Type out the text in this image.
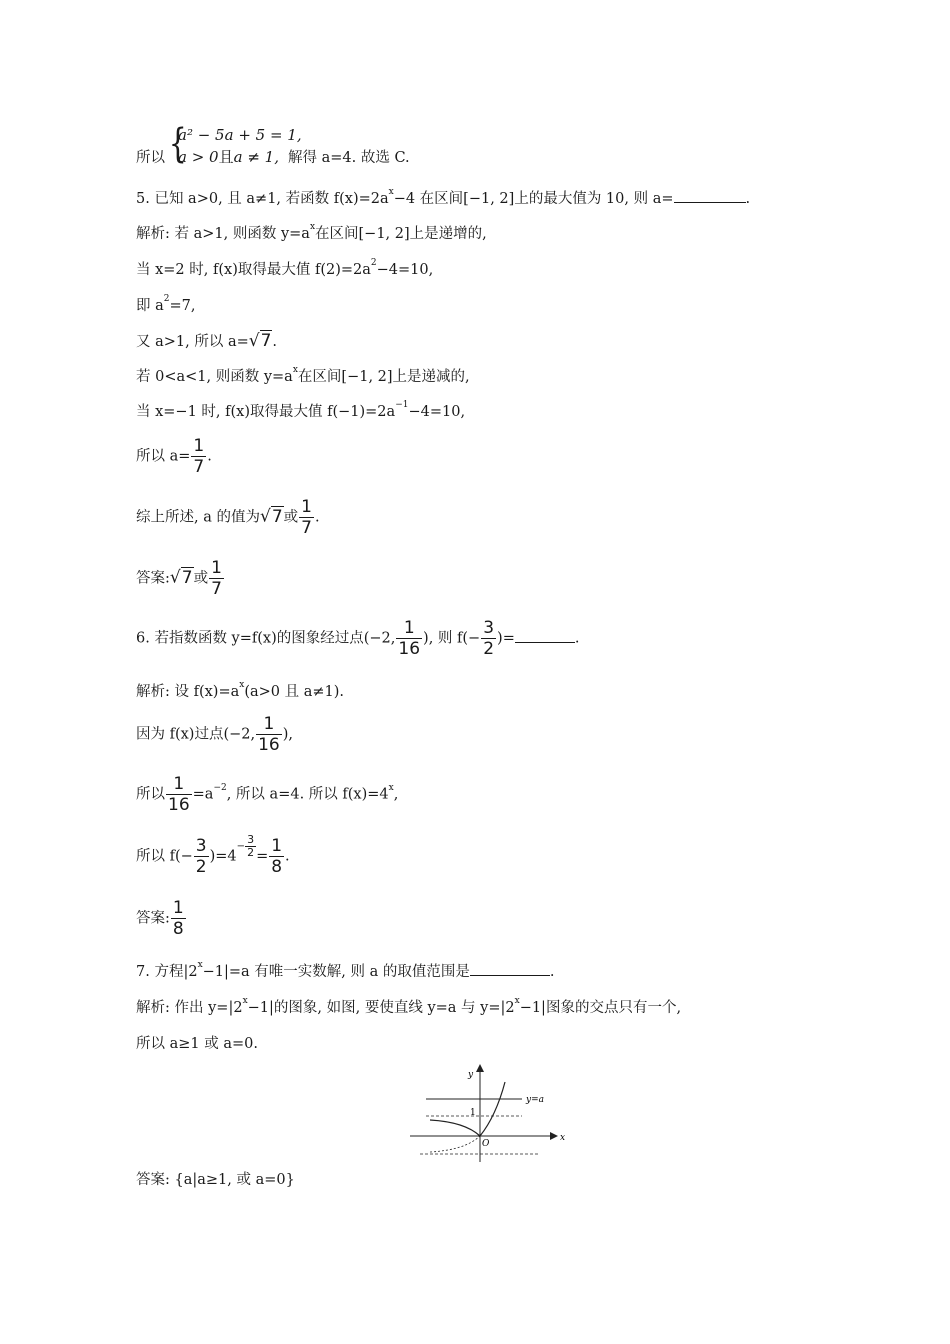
所以 {
a² − 5a + 5 = 1,
a > 0且a ≠ 1, 解得 a=4. 故选 C.
5. 已知 a>0, 且 a≠1, 若函数 $f(x)=2a^x-4$ 在区间[−1, 2]上的最大值为 10, 则 a=	.
解析: 若 a>1, 则函数 $y=a^x$在区间[−1, 2]上是递增的,
当 x=2 时, f(x)取得最大值 $f(2)=2a^2-4=10$,
即 $a^2=7$,
又 a>1, 所以 a=√7.
若 0<a<1, 则函数 $y=a^x$在区间[−1, 2]上是递减的,
当 x=−1 时, f(x)取得最大值 $f(-1)=2a^{-1}-4=10$,
所以 $a= \frac{1}{7}$ .
综上所述, a 的值为√7或 $\frac{1}{7}$ .
答案:√7或 $\frac{1}{7}$
6. 若指数函数 y=f(x)的图象经过点(−2, $\frac{1}{16}$ ), 则 $f(- \frac{3}{2}$ )=	.
解析: 设 $f(x)=a^x(a>0$ 且 a≠1).
因为 f(x)过点(−2, $\frac{1}{16}$ ),
所以 $\frac{1}{16} =a^{-2}$, 所以 a=4. 所以 $f(x)=4^x$,
所以 $f(- \frac{3}{2} )=4^{- \frac{3}{2}} = \frac{1}{8}$ .
答案: $\frac{1}{8}$
7. 方程$|2^x-1|=a$ 有唯一实数解, 则 a 的取值范围是	.
解析: 作出 $y=|2^x-1|$的图象, 如图, 要使直线 y=a 与 $y=|2^x-1|$图象的交点只有一个,
所以 a≥1 或 a=0.
y
x
O
1
y=a
答案: {a|a≥1, 或 a=0}
